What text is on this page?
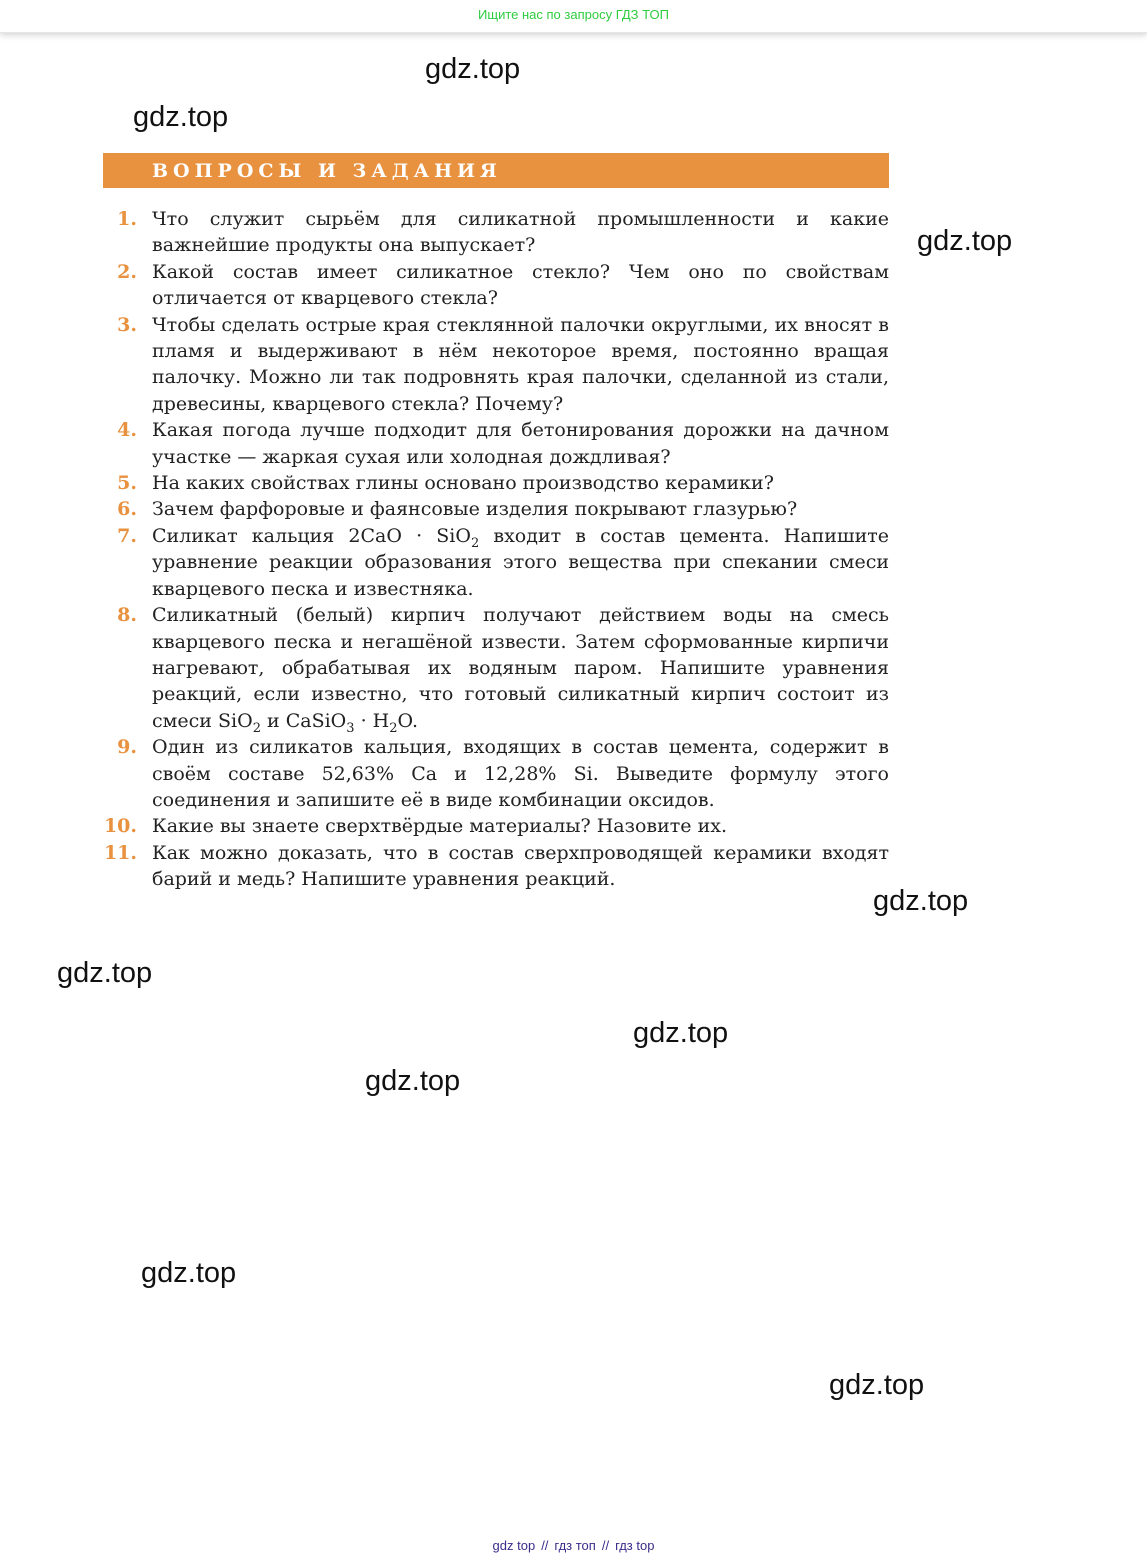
Ищите нас по запросу ГДЗ ТОП
gdz.top
gdz.top
gdz.top
gdz.top
gdz.top
gdz.top
gdz.top
gdz.top
gdz.top
ВОПРОСЫ И ЗАДАНИЯ
1. Что служит сырьём для силикатной промышленности и какие важнейшие продукты она выпускает?
2. Какой состав имеет силикатное стекло? Чем оно по свойствам отличается от кварцевого стекла?
3. Чтобы сделать острые края стеклянной палочки округлыми, их вносят в пламя и выдерживают в нём некоторое время, постоянно вращая палочку. Можно ли так подровнять края палочки, сделанной из стали, древесины, кварцевого стекла? Почему?
4. Какая погода лучше подходит для бетонирования дорожки на дачном участке — жаркая сухая или холодная дождливая?
5. На каких свойствах глины основано производство керамики?
6. Зачем фарфоровые и фаянсовые изделия покрывают глазурью?
7. Силикат кальция 2CaO · SiO$_2$ входит в состав цемента. Напишите уравнение реакции образования этого вещества при спекании смеси кварцевого песка и известняка.
8. Силикатный (белый) кирпич получают действием воды на смесь кварцевого песка и негашёной извести. Затем сформованные кирпичи нагревают, обрабатывая их водяным паром. Напишите уравнения реакций, если известно, что готовый силикатный кирпич состоит из смеси SiO$_2$ и CaSiO$_3$ · $H_2O$.
9. Один из силикатов кальция, входящих в состав цемента, содержит в своём составе 52,63% Ca и 12,28% Si. Выведите формулу этого соединения и запишите её в виде комбинации оксидов.
10. Какие вы знаете сверхтвёрдые материалы? Назовите их.
11. Как можно доказать, что в состав сверхпроводящей керамики входят барий и медь? Напишите уравнения реакций.
gdz top // гдз топ // гдз top
